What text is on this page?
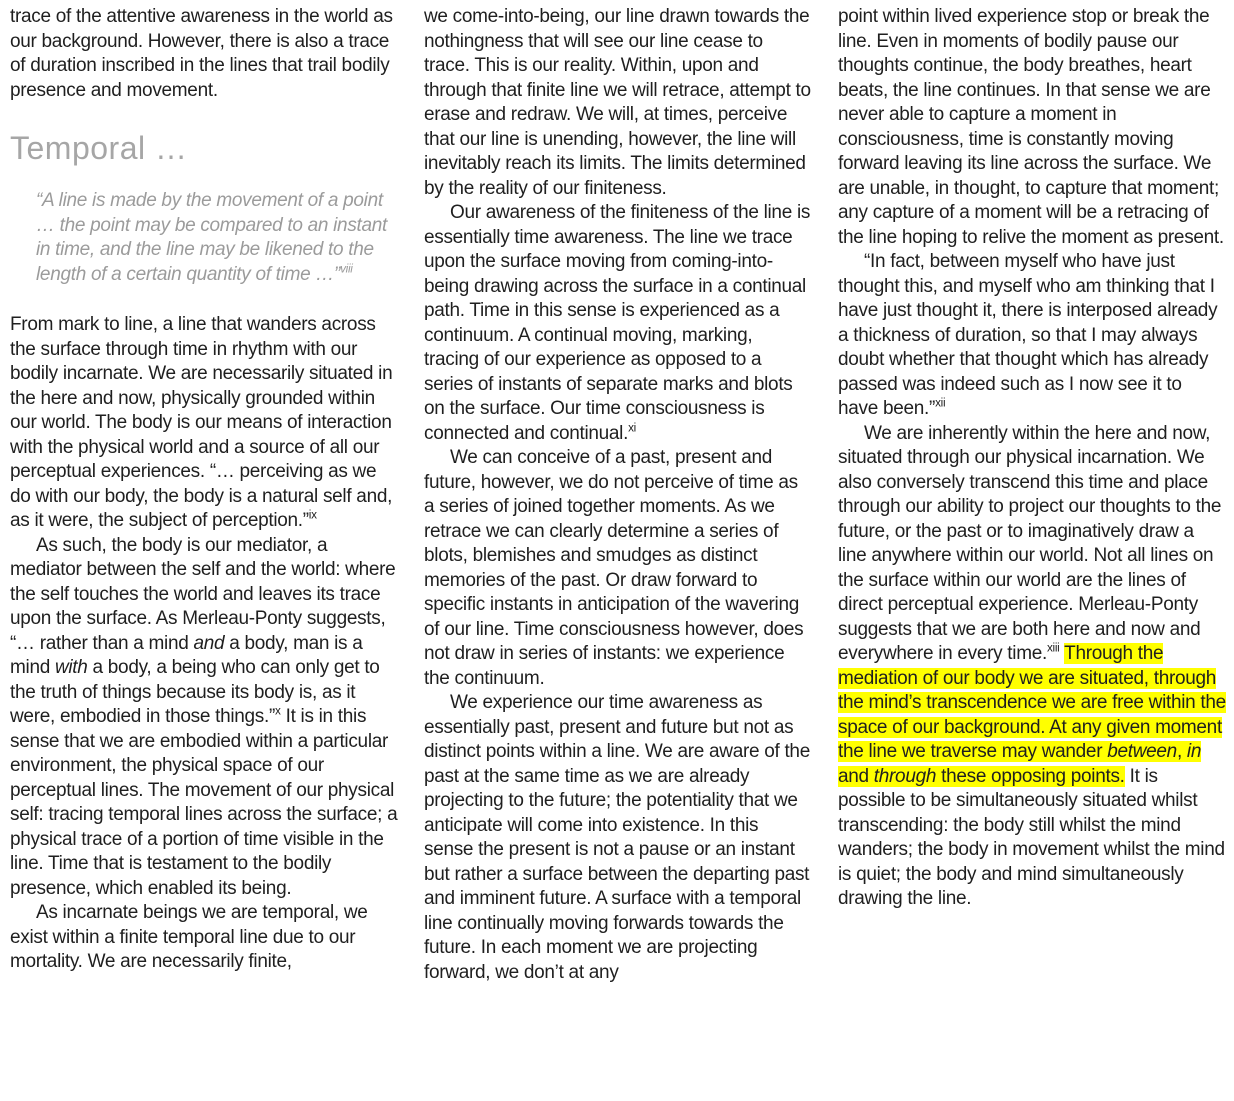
trace of the attentive awareness in the world as our background. However, there is also a trace of duration inscribed in the lines that trail bodily presence and movement.

Temporal …
“A line is made by the movement of a point … the point may be compared to an instant in time, and the line may be likened to the length of a certain quantity of time …”$^{viii}$

From mark to line, a line that wanders across the surface through time in rhythm with our bodily incarnate. We are necessarily situated in the here and now, physically grounded within our world. The body is our means of interaction with the physical world and a source of all our perceptual experiences. “… perceiving as we do with our body, the body is a natural self and, as it were, the subject of perception.”$^{ix}$

As such, the body is our mediator, a mediator between the self and the world: where the self touches the world and leaves its trace upon the surface. As Merleau-Ponty suggests, “… rather than a mind and a body, man is a mind with a body, a being who can only get to the truth of things because its body is, as it were, embodied in those things.”$^x$ It is in this sense that we are embodied within a particular environment, the physical space of our perceptual lines. The movement of our physical self: tracing temporal lines across the surface; a physical trace of a portion of time visible in the line. Time that is testament to the bodily presence, which enabled its being.

As incarnate beings we are temporal, we exist within a finite temporal line due to our mortality. We are necessarily finite,

we come-into-being, our line drawn towards the nothingness that will see our line cease to trace. This is our reality. Within, upon and through that finite line we will retrace, attempt to erase and redraw. We will, at times, perceive that our line is unending, however, the line will inevitably reach its limits. The limits determined by the reality of our finiteness.

Our awareness of the finiteness of the line is essentially time awareness. The line we trace upon the surface moving from coming-into-being drawing across the surface in a continual path. Time in this sense is experienced as a continuum. A continual moving, marking, tracing of our experience as opposed to a series of instants of separate marks and blots on the surface. Our time consciousness is connected and continual.$^{xi}$

We can conceive of a past, present and future, however, we do not perceive of time as a series of joined together moments. As we retrace we can clearly determine a series of blots, blemishes and smudges as distinct memories of the past. Or draw forward to specific instants in anticipation of the wavering of our line. Time consciousness however, does not draw in series of instants: we experience the continuum.

We experience our time awareness as essentially past, present and future but not as distinct points within a line. We are aware of the past at the same time as we are already projecting to the future; the potentiality that we anticipate will come into existence. In this sense the present is not a pause or an instant but rather a surface between the departing past and imminent future. A surface with a temporal line continually moving forwards towards the future. In each moment we are projecting forward, we don’t at any

point within lived experience stop or break the line. Even in moments of bodily pause our thoughts continue, the body breathes, heart beats, the line continues. In that sense we are never able to capture a moment in consciousness, time is constantly moving forward leaving its line across the surface. We are unable, in thought, to capture that moment; any capture of a moment will be a retracing of the line hoping to relive the moment as present.

“In fact, between myself who have just thought this, and myself who am thinking that I have just thought it, there is interposed already a thickness of duration, so that I may always doubt whether that thought which has already passed was indeed such as I now see it to have been.”$^{xii}$

We are inherently within the here and now, situated through our physical incarnation. We also conversely transcend this time and place through our ability to project our thoughts to the future, or the past or to imaginatively draw a line anywhere within our world. Not all lines on the surface within our world are the lines of direct perceptual experience. Merleau-Ponty suggests that we are both here and now and everywhere in every time.$^{xiii}$ Through the mediation of our body we are situated, through the mind’s transcendence we are free within the space of our background. At any given moment the line we traverse may wander between, in and through these opposing points. It is possible to be simultaneously situated whilst transcending: the body still whilst the mind wanders; the body in movement whilst the mind is quiet; the body and mind simultaneously drawing the line.
